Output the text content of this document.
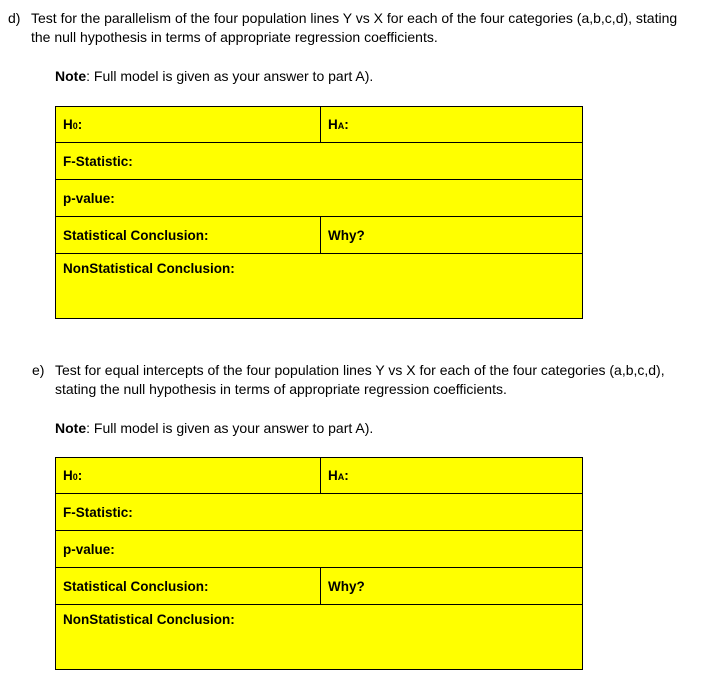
d) Test for the parallelism of the four population lines Y vs X for each of the four categories (a,b,c,d), stating
the null hypothesis in terms of appropriate regression coefficients.
Note: Full model is given as your answer to part A).
H0:	HA:
F-Statistic:	
p-value:	
Statistical Conclusion:	Why?
NonStatistical Conclusion:	
e) Test for equal intercepts of the four population lines Y vs X for each of the four categories (a,b,c,d),
stating the null hypothesis in terms of appropriate regression coefficients.
Note: Full model is given as your answer to part A).
H0:	HA:
F-Statistic:	
p-value:	
Statistical Conclusion:	Why?
NonStatistical Conclusion:	
